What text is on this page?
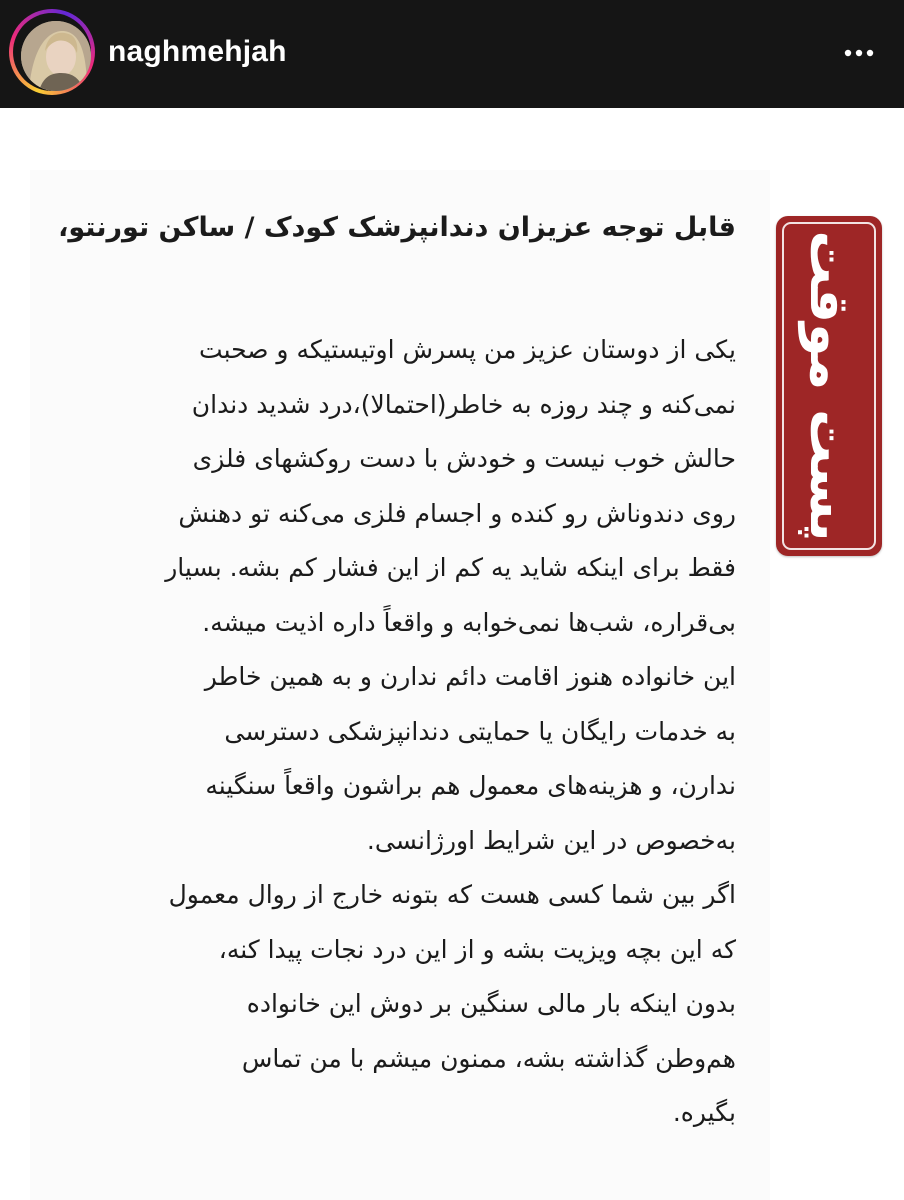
naghmehjah
قابل توجه عزیزان دندانپزشک کودک / ساکن تورنتو،
یکی از دوستان عزیز من پسرش اوتیستیکه و صحبت
نمی‌کنه و چند روزه به خاطر(احتمالا)،درد شدید دندان
حالش خوب نیست و خودش با دست روکشهای فلزی
روی دندوناش رو کنده و اجسام فلزی می‌کنه تو دهنش
فقط برای اینکه شاید یه کم از این فشار کم بشه. بسیار
بی‌قراره، شب‌ها نمی‌خوابه و واقعاً داره اذیت میشه.
این خانواده هنوز اقامت دائم ندارن و به همین خاطر
به خدمات رایگان یا حمایتی دندانپزشکی دسترسی
ندارن، و هزینه‌های معمول هم براشون واقعاً سنگینه
به‌خصوص در این شرایط اورژانسی.
اگر بین شما کسی هست که بتونه خارج از روال معمول
که این بچه ویزیت بشه و از این درد نجات پیدا کنه،
بدون اینکه بار مالی سنگین بر دوش این خانواده
هم‌وطن گذاشته بشه، ممنون میشم با من تماس
بگیره.
پست موقت
